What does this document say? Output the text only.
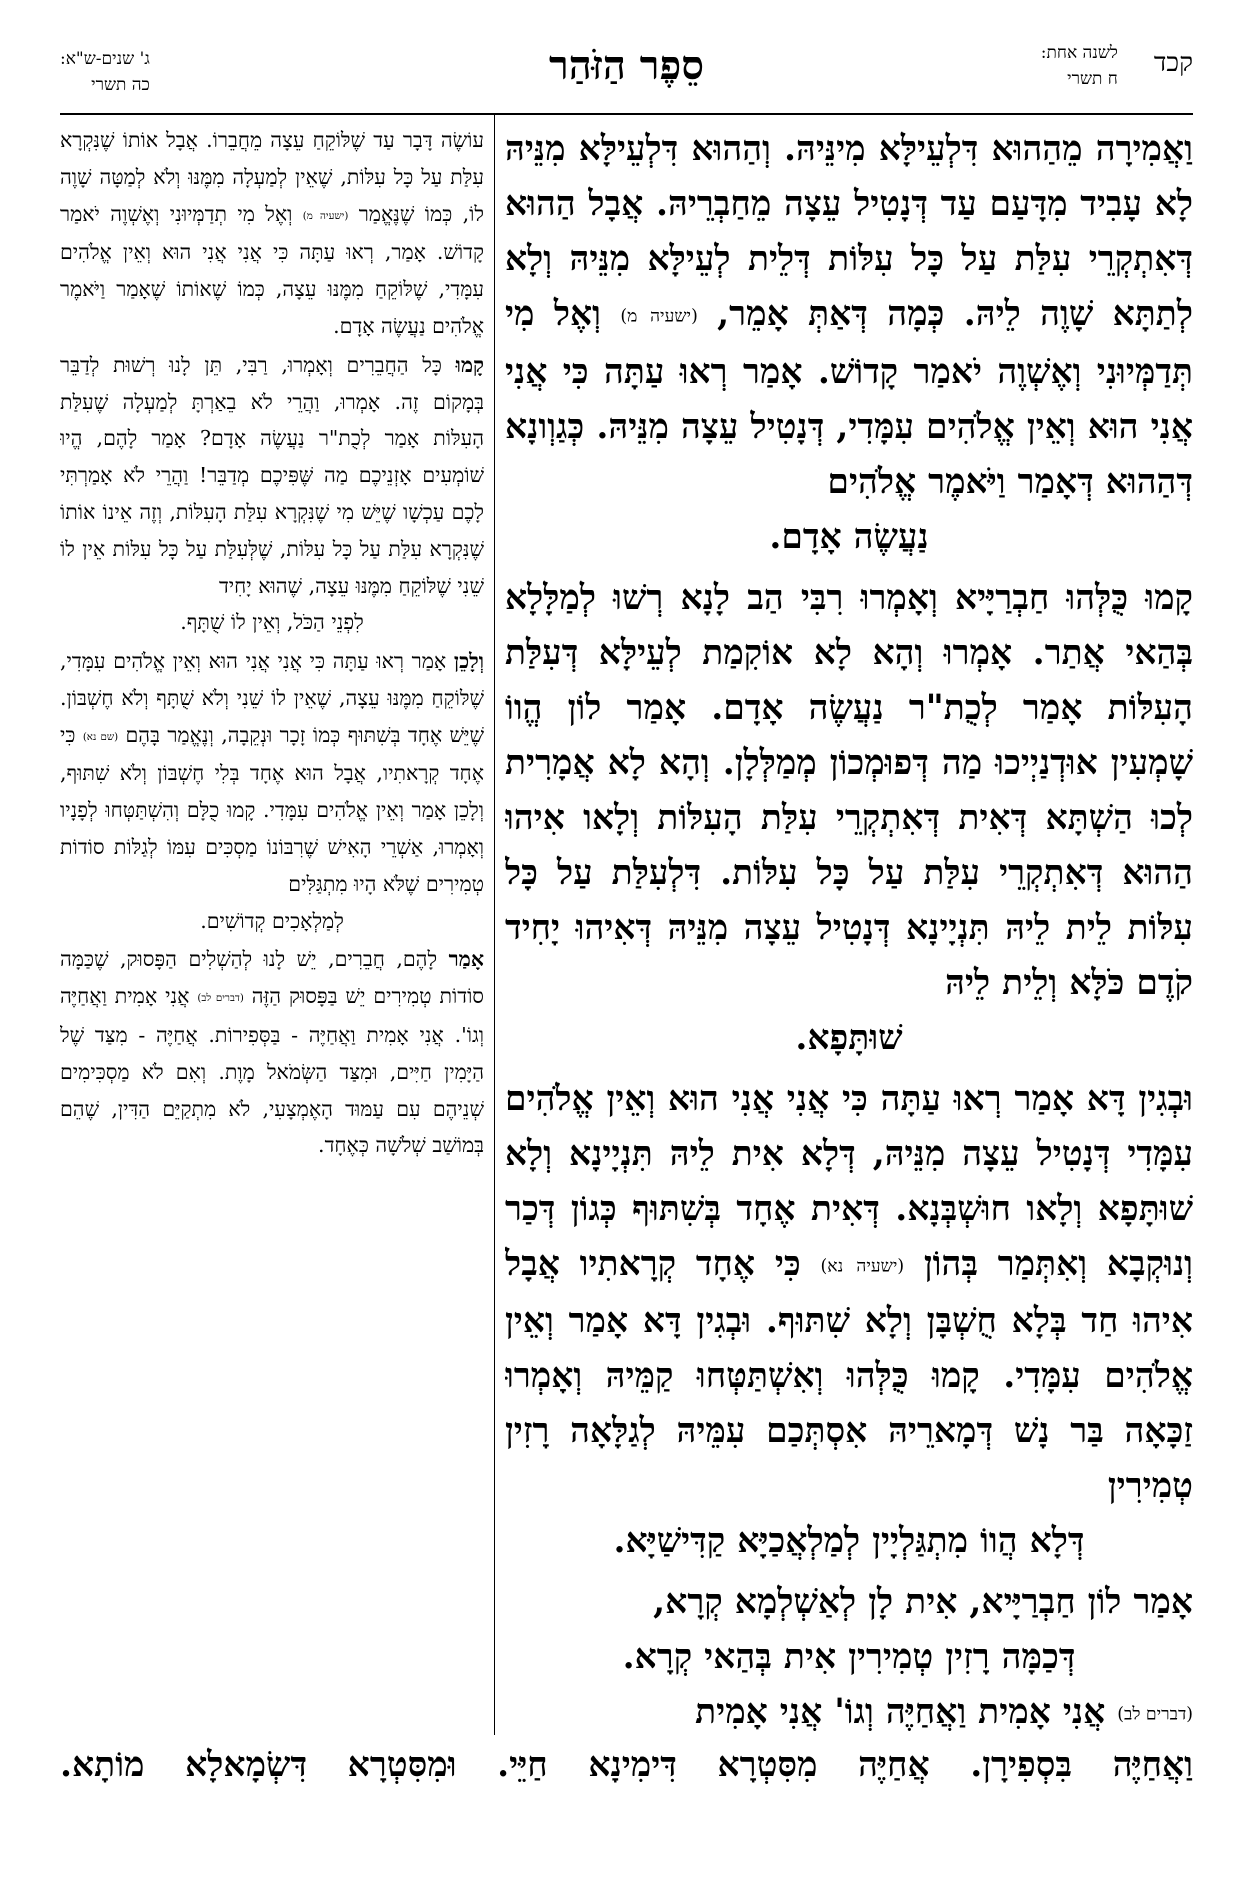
קכד
לשנה אחת:
ח תשרי
סֵפֶר הַזֹּהַר
ג' שנים-ש"א:
כה תשרי

וַאֲמִירָה מֵהַהוּא דִּלְעֵילָּא מִינֵּיהּ. וְהַהוּא דִּלְעֵילָּא מִנֵּיהּ לָא עָבִיד מִדָּעַם עַד דְּנָטִיל עֵצָה מֵחַבְרֵיהּ. אֲבָל הַהוּא דְּאִתְקְרֵי עִלַּת עַל כָּל עִלּוֹת דְּלֵית לְעֵילָּא מִנֵּיהּ וְלָא לְתַתָּא שָׁוֶה לֵיהּ. כְּמָה דְּאַתְּ אָמֵר, (ישעיה מ) וְאֶל מִי תְּדַמְּיוּנִי וְאֶשְׁוֶה יֹאמַר קָדוֹשׁ. אָמַר רְאוּ עַתָּה כִּי אֲנִי אֲנִי הוּא וְאֵין אֱלֹהִים עִמָּדִי, דְּנָטִיל עֵצָה מִנֵּיהּ. כְּגַוְונָא דְּהַהוּא דְּאָמַר וַיֹּאמֶר אֱלֹהִים
נַעֲשֶׂה אָדָם.

קָמוּ כֻּלְּהוּ חַבְרַיָּיא וְאָמְרוּ רִבִּי הַב לָנָא רְשׁוּ לְמַלָּלָא בְּהַאי אֲתַר. אָמְרוּ וְהָא לָא אוֹקִמַת לְעֵילָּא דְּעִלַּת הָעִלּוֹת אָמַר לְכֻת"ר נַעֲשֶׂה אָדָם. אָמַר לוֹן הֱווֹ שָׁמְעִין אוּדְנַיְיכוּ מַה דְּפוּמְכוֹן מְמַלְּלָן. וְהָא לָא אֲמָרִית לְכוּ הַשְׁתָּא דְּאִית דְּאִתְקְרֵי עִלַּת הָעִלּוֹת וְלָאו אִיהוּ הַהוּא דְּאִתְקְרֵי עִלַּת עַל כָּל עִלּוֹת. דִּלְעִלַּת עַל כָּל עִלּוֹת לֵית לֵיהּ תִּנְיָינָא דְּנָטִיל עֵצָה מִנֵּיהּ דְּאִיהוּ יָחִיד קֹדֶם כֹּלָּא וְלֵית לֵיהּ
שׁוּתָּפָא.

וּבְגִין דָּא אָמַר רְאוּ עַתָּה כִּי אֲנִי אֲנִי הוּא וְאֵין אֱלֹהִים עִמָּדִי דְּנָטִיל עֵצָה מִנֵּיהּ, דְּלָא אִית לֵיהּ תִּנְיָינָא וְלָא שׁוּתָּפָא וְלָאו חוּשְׁבְּנָא. דְּאִית אֶחָד בְּשִׁתּוּף כְּגוֹן דְּכַר וְנוּקְבָא וְאִתְּמַר בְּהוֹן (ישעיה נא) כִּי אֶחָד קְרָאתִיו אֲבָל אִיהוּ חַד בְּלָא חֻשְׁבָּן וְלָא שִׁתּוּף. וּבְגִין דָּא אָמַר וְאֵין אֱלֹהִים עִמָּדִי. קָמוּ כֻּלְּהוּ וְאִשְׁתַּטְּחוּ קַמֵּיהּ וְאָמְרוּ זַכָּאָה בַּר נָשׁ דְּמָארֵיהּ אִסְתְּכַם עִמֵּיהּ לְגַלָּאָה רָזִין טְמִירִין
דְּלָא הֲווֹ מִתְגַּלְיָין לְמַלְאֲכַיָּא קַדִּישַׁיָּא.

אָמַר לוֹן חַבְרַיָּיא, אִית לָן לְאַשְׁלְמָא קְרָא,
דְּכַמָּה רָזִין טְמִירִין אִית בְּהַאי קְרָא.
(דברים לב) אֲנִי אָמִית וַאֲחַיֶּה וְגוֹ' אֲנִי אָמִית

עוֹשֶׂה דָּבָר עַד שֶׁלּוֹקֵחַ עֵצָה מֵחֲבֵרוֹ. אֲבָל אוֹתוֹ שֶׁנִּקְרָא עִלַּת עַל כָּל עִלּוֹת, שֶׁאֵין לְמַעְלָה מִמֶּנּוּ וְלֹא לְמַטָּה שָׁוֶה לוֹ, כְּמוֹ שֶׁנֶּאֱמַר (ישעיה מ) וְאֶל מִי תְדַמְּיוּנִי וְאֶשְׁוֶה יֹאמַר קָדוֹשׁ. אָמַר, רְאוּ עַתָּה כִּי אֲנִי אֲנִי הוּא וְאֵין אֱלֹהִים עִמָּדִי, שֶׁלּוֹקֵחַ מִמֶּנּוּ עֵצָה, כְּמוֹ שֶׁאוֹתוֹ שֶׁאָמַר וַיֹּאמֶר אֱלֹהִים נַעֲשֶׂה אָדָם.

קָמוּ כָּל הַחֲבֵרִים וְאָמְרוּ, רַבִּי, תֵּן לָנוּ רְשׁוּת לְדַבֵּר בְּמָקוֹם זֶה. אָמְרוּ, וַהֲרֵי לֹא בֵאַרְתָּ לְמַעְלָה שֶׁעִלַּת הָעִלּוֹת אָמַר לְכֻת"ר נַעֲשֶׂה אָדָם? אָמַר לָהֶם, הֱיוּ שׁוֹמְעִים אָזְנֵיכֶם מַה שֶּׁפִּיכֶם מְדַבֵּר! וַהֲרֵי לֹא אָמַרְתִּי לָכֶם עַכְשָׁו שֶׁיֵּשׁ מִי שֶׁנִּקְרָא עִלַּת הָעִלּוֹת, וְזֶה אֵינוֹ אוֹתוֹ שֶׁנִּקְרָא עִלַּת עַל כָּל עִלּוֹת, שֶׁלְּעִלַּת עַל כָּל עִלּוֹת אֵין לוֹ שֵׁנִי שֶׁלּוֹקֵחַ מִמֶּנּוּ עֵצָה, שֶׁהוּא יָחִיד
לִפְנֵי הַכֹּל, וְאֵין לוֹ שֻׁתָּף.

וְלָכֵן אָמַר רְאוּ עַתָּה כִּי אֲנִי אֲנִי הוּא וְאֵין אֱלֹהִים עִמָּדִי, שֶׁלּוֹקֵחַ מִמֶּנּוּ עֵצָה, שֶׁאֵין לוֹ שֵׁנִי וְלֹא שֻׁתָּף וְלֹא חֶשְׁבּוֹן. שֶׁיֵּשׁ אֶחָד בְּשִׁתּוּף כְּמוֹ זָכָר וּנְקֵבָה, וְנֶאֱמַר בָּהֶם (שם נא) כִּי אֶחָד קְרָאתִיו, אֲבָל הוּא אֶחָד בְּלִי חֶשְׁבּוֹן וְלֹא שִׁתּוּף, וְלָכֵן אָמַר וְאֵין אֱלֹהִים עִמָּדִי. קָמוּ כֻלָּם וְהִשְׁתַּטְּחוּ לְפָנָיו וְאָמְרוּ, אַשְׁרֵי הָאִישׁ שֶׁרִבּוֹנוֹ מַסְכִּים עִמּוֹ לְגַלּוֹת סוֹדוֹת טְמִירִים שֶׁלֹּא הָיוּ מִתְגַּלִּים
לְמַלְאָכִים קְדוֹשִׁים.

אָמַר לָהֶם, חֲבֵרִים, יֵשׁ לָנוּ לְהַשְׁלִים הַפָּסוּק, שֶׁכַּמָּה סוֹדוֹת טְמִירִים יֵשׁ בַּפָּסוּק הַזֶּה (דברים לב) אֲנִי אָמִית וַאֲחַיֶּה וְגוֹ'. אֲנִי אָמִית וַאֲחַיֶּה - בַּסְּפִירוֹת. אֲחַיֶּה - מִצַּד שֶׁל הַיָּמִין חַיִּים, וּמִצַּד הַשְּׂמֹאל מָוֶת. וְאִם לֹא מַסְכִּימִים שְׁנֵיהֶם עִם עַמּוּד הָאֶמְצָעִי, לֹא מִתְקַיֵּם הַדִּין, שֶׁהֵם בְּמוֹשַׁב שְׁלֹשָׁה כְּאֶחָד.

וַאֲחַיֶּה בִּסְפִירָן. אֲחַיֶּה מִסִּטְרָא דִּימִינָא חַיֵּי. וּמִסִּטְרָא דִּשְׂמָאלָא מוֹתָא.
